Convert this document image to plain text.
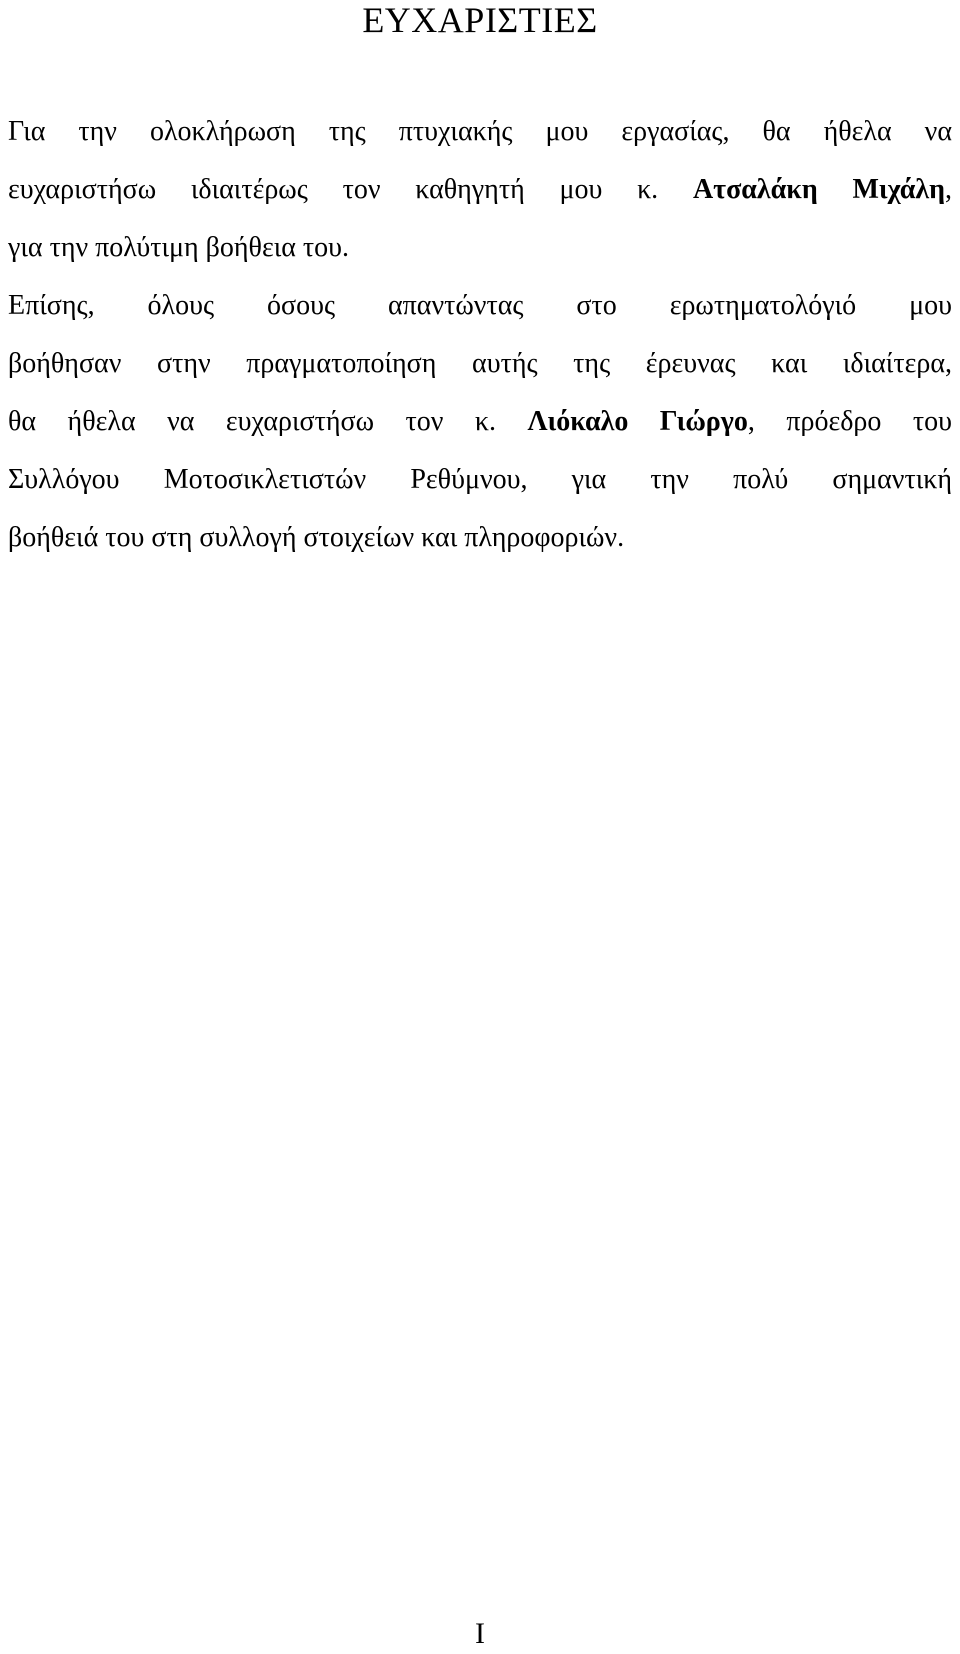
ΕΥΧΑΡΙΣΤΙΕΣ
Για την ολοκλήρωση της πτυχιακής μου εργασίας, θα ήθελα να
ευχαριστήσω ιδιαιτέρως τον καθηγητή μου κ. Ατσαλάκη Μιχάλη,
για την πολύτιμη βοήθεια του.
Επίσης, όλους όσους απαντώντας στο ερωτηματολόγιό μου
βοήθησαν στην πραγματοποίηση αυτής της έρευνας και ιδιαίτερα,
θα ήθελα να ευχαριστήσω τον κ. Λιόκαλο Γιώργο, πρόεδρο του
Συλλόγου Μοτοσικλετιστών Ρεθύμνου, για την πολύ σημαντική
βοήθειά του στη συλλογή στοιχείων και πληροφοριών.
I
